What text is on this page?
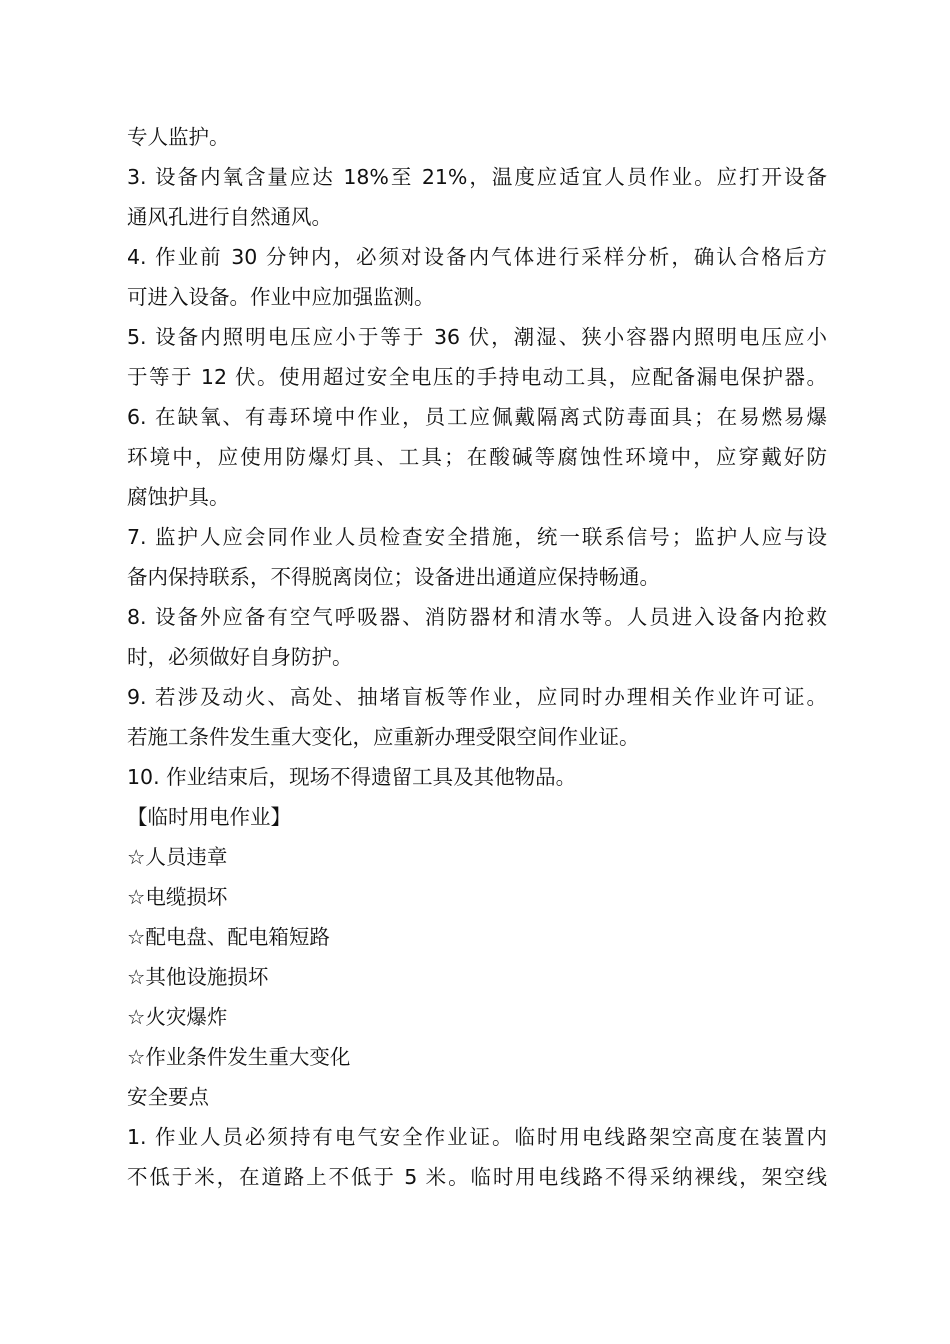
专人监护。
3. 设备内氧含量应达 18%至 21%，温度应适宜人员作业。应打开设备
通风孔进行自然通风。
4. 作业前 30 分钟内，必须对设备内气体进行采样分析，确认合格后方
可进入设备。作业中应加强监测。
5. 设备内照明电压应小于等于 36 伏，潮湿、狭小容器内照明电压应小
于等于 12 伏。使用超过安全电压的手持电动工具，应配备漏电保护器。
6. 在缺氧、有毒环境中作业，员工应佩戴隔离式防毒面具；在易燃易爆
环境中，应使用防爆灯具、工具；在酸碱等腐蚀性环境中，应穿戴好防
腐蚀护具。
7. 监护人应会同作业人员检查安全措施，统一联系信号；监护人应与设
备内保持联系，不得脱离岗位；设备进出通道应保持畅通。
8. 设备外应备有空气呼吸器、消防器材和清水等。人员进入设备内抢救
时，必须做好自身防护。
9. 若涉及动火、高处、抽堵盲板等作业，应同时办理相关作业许可证。
若施工条件发生重大变化，应重新办理受限空间作业证。
10. 作业结束后，现场不得遗留工具及其他物品。
【临时用电作业】
☆人员违章
☆电缆损坏
☆配电盘、配电箱短路
☆其他设施损坏
☆火灾爆炸
☆作业条件发生重大变化
安全要点
1. 作业人员必须持有电气安全作业证。临时用电线路架空高度在装置内
不低于米，在道路上不低于 5 米。临时用电线路不得采纳裸线，架空线
